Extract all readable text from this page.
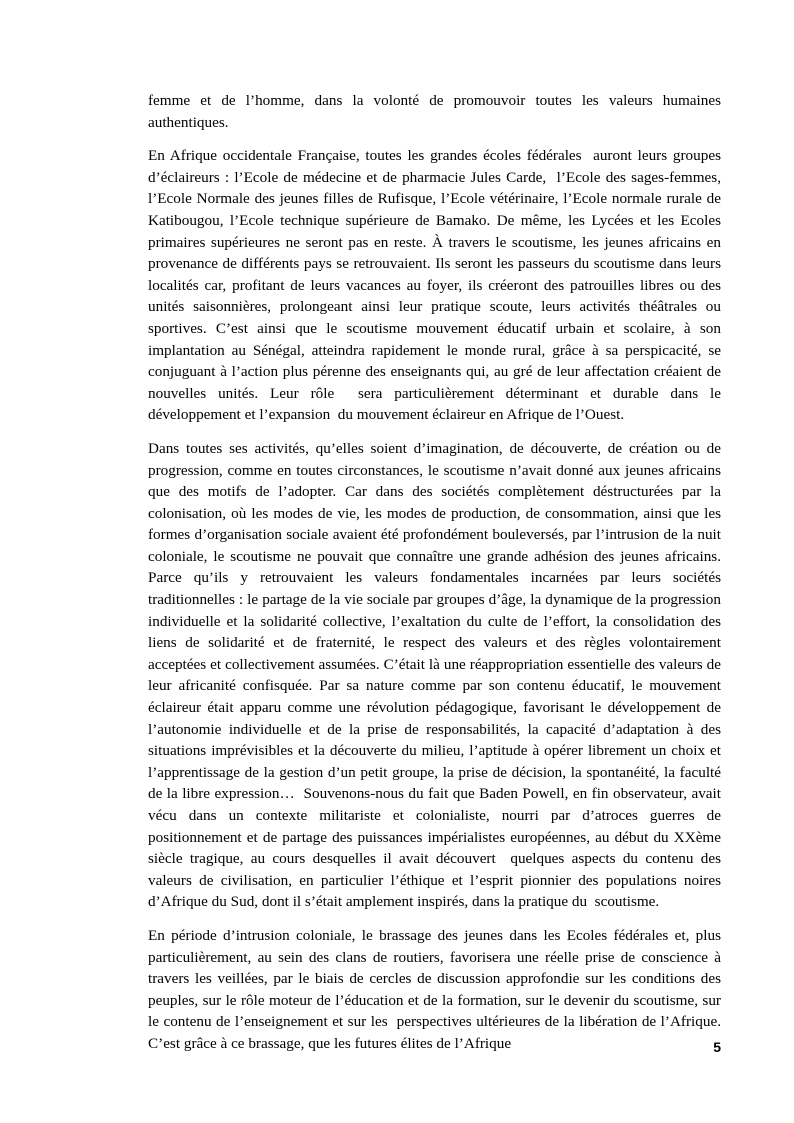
femme et de l’homme, dans la volonté de promouvoir toutes les valeurs humaines authentiques.

En Afrique occidentale Française, toutes les grandes écoles fédérales  auront leurs groupes d’éclaireurs : l’Ecole de médecine et de pharmacie Jules Carde,  l’Ecole des sages-femmes, l’Ecole Normale des jeunes filles de Rufisque, l’Ecole vétérinaire, l’Ecole normale rurale de Katibougou, l’Ecole technique supérieure de Bamako. De même, les Lycées et les Ecoles primaires supérieures ne seront pas en reste. À travers le scoutisme, les jeunes africains en provenance de différents pays se retrouvaient. Ils seront les passeurs du scoutisme dans leurs localités car, profitant de leurs vacances au foyer, ils créeront des patrouilles libres ou des unités saisonnières, prolongeant ainsi leur pratique scoute, leurs activités théâtrales ou sportives. C’est ainsi que le scoutisme mouvement éducatif urbain et scolaire, à son implantation au Sénégal, atteindra rapidement le monde rural, grâce à sa perspicacité, se conjuguant à l’action plus pérenne des enseignants qui, au gré de leur affectation créaient de nouvelles unités. Leur rôle  sera particulièrement déterminant et durable dans le développement et l’expansion  du mouvement éclaireur en Afrique de l’Ouest.

Dans toutes ses activités, qu’elles soient d’imagination, de découverte, de création ou de progression, comme en toutes circonstances, le scoutisme n’avait donné aux jeunes africains que des motifs de l’adopter. Car dans des sociétés complètement déstructurées par la colonisation, où les modes de vie, les modes de production, de consommation, ainsi que les formes d’organisation sociale avaient été profondément bouleversés, par l’intrusion de la nuit coloniale, le scoutisme ne pouvait que connaître une grande adhésion des jeunes africains.  Parce qu’ils y retrouvaient les valeurs fondamentales incarnées par leurs sociétés traditionnelles : le partage de la vie sociale par groupes d’âge, la dynamique de la progression individuelle et la solidarité collective, l’exaltation du culte de l’effort, la consolidation des liens de solidarité et de fraternité, le respect des valeurs et des règles volontairement acceptées et collectivement assumées. C’était là une réappropriation essentielle des valeurs de leur africanité confisquée. Par sa nature comme par son contenu éducatif, le mouvement éclaireur était apparu comme une révolution pédagogique, favorisant le développement de l’autonomie individuelle et de la prise de responsabilités, la capacité d’adaptation à des situations imprévisibles et la découverte du milieu, l’aptitude à opérer librement un choix et l’apprentissage de la gestion d’un petit groupe, la prise de décision, la spontanéité, la faculté de la libre expression…  Souvenons-nous du fait que Baden Powell, en fin observateur, avait vécu dans un contexte militariste et colonialiste, nourri par d’atroces guerres de positionnement et de partage des puissances impérialistes européennes, au début du XXème siècle tragique, au cours desquelles il avait découvert  quelques aspects du contenu des valeurs de civilisation, en particulier l’éthique et l’esprit pionnier des populations noires d’Afrique du Sud, dont il s’était amplement inspirés, dans la pratique du  scoutisme.

En période d’intrusion coloniale, le brassage des jeunes dans les Ecoles fédérales et, plus particulièrement, au sein des clans de routiers, favorisera une réelle prise de conscience à travers les veillées, par le biais de cercles de discussion approfondie sur les conditions des peuples, sur le rôle moteur de l’éducation et de la formation, sur le devenir du scoutisme, sur le contenu de l’enseignement et sur les  perspectives ultérieures de la libération de l’Afrique. C’est grâce à ce brassage, que les futures élites de l’Afrique	5
